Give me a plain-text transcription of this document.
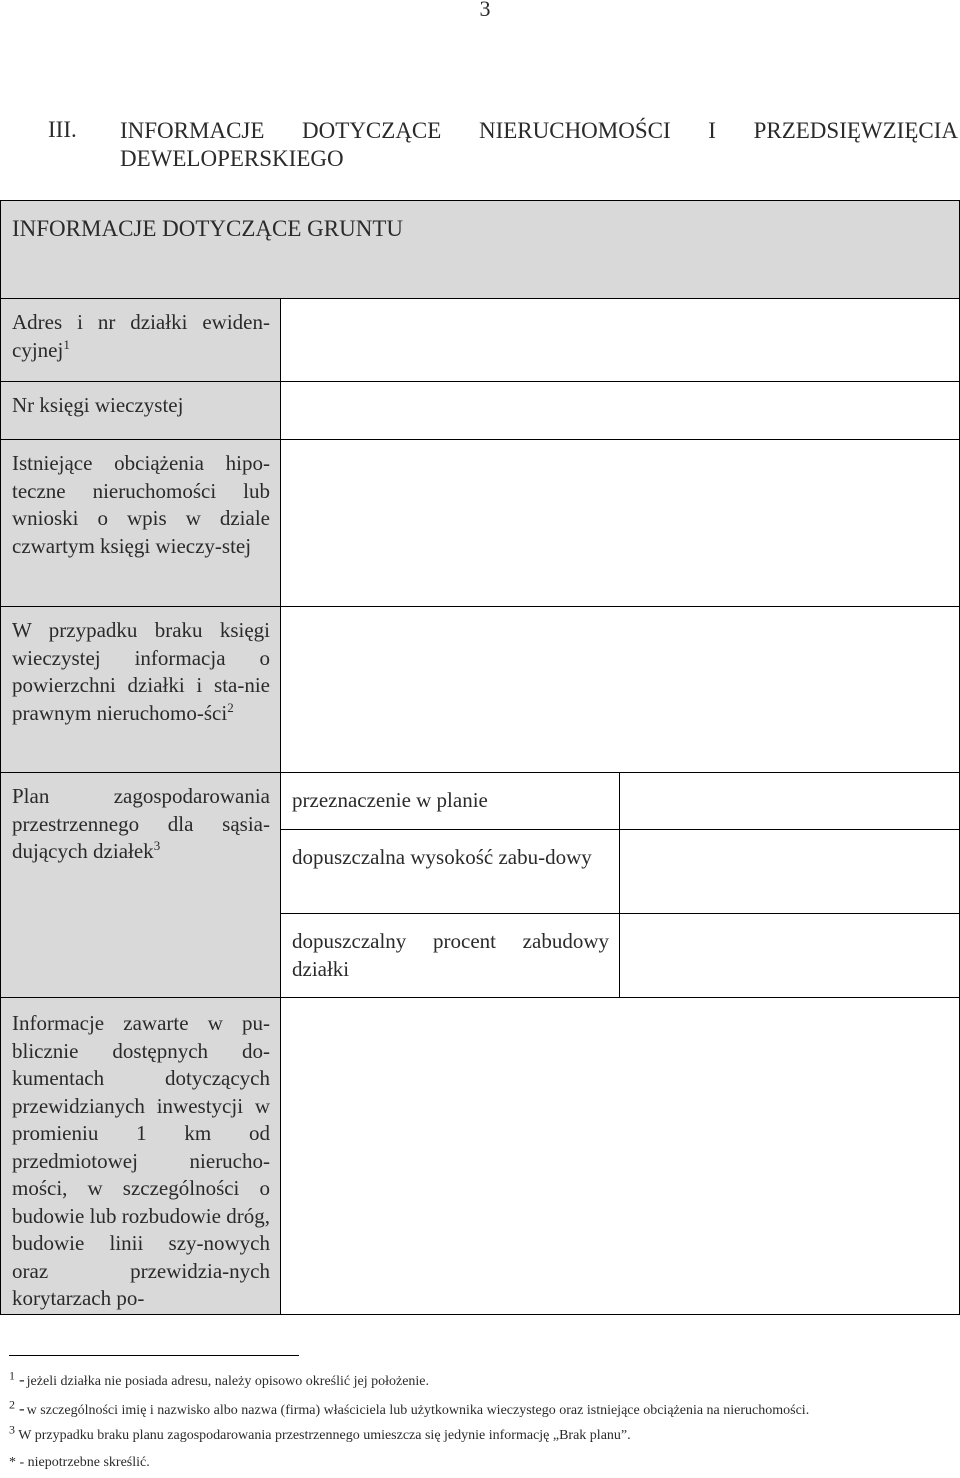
3
III. INFORMACJE DOTYCZĄCE NIERUCHOMOŚCI I PRZEDSIĘWZIĘCIA DEWELOPERSKIEGO
INFORMACJE DOTYCZĄCE GRUNTU		

Adres i nr działki ewiden-cyjnej$^1$

Nr księgi wieczystej		

Istniejące obciążenia hipo-teczne nieruchomości lub wnioski o wpis w dziale czwartym księgi wieczy-stej		

W przypadku braku księgi wieczystej informacja o powierzchni działki i sta-nie prawnym nieruchomo-ści$^2$

Plan zagospodarowania przestrzennego dla sąsia-dujących działek$^3$	przeznaczenie w planie	

	dopuszczalna wysokość zabu-dowy	

	dopuszczalny procent zabudowy działki	

Informacje zawarte w pu-blicznie dostępnych do-kumentach dotyczących przewidzianych inwestycji w promieniu 1 km od przedmiotowej nierucho-mości, w szczególności o budowie lub rozbudowie dróg, budowie linii szy-nowych oraz przewidzia-nych korytarzach po-		

$^1$ - jeżeli działka nie posiada adresu, należy opisowo określić jej położenie.
$^2$ - w szczególności imię i nazwisko albo nazwa (firma) właściciela lub użytkownika wieczystego oraz istniejące obciążenia na nieruchomości.
$^3$ W przypadku braku planu zagospodarowania przestrzennego umieszcza się jedynie informację „Brak planu”.
* - niepotrzebne skreślić.
